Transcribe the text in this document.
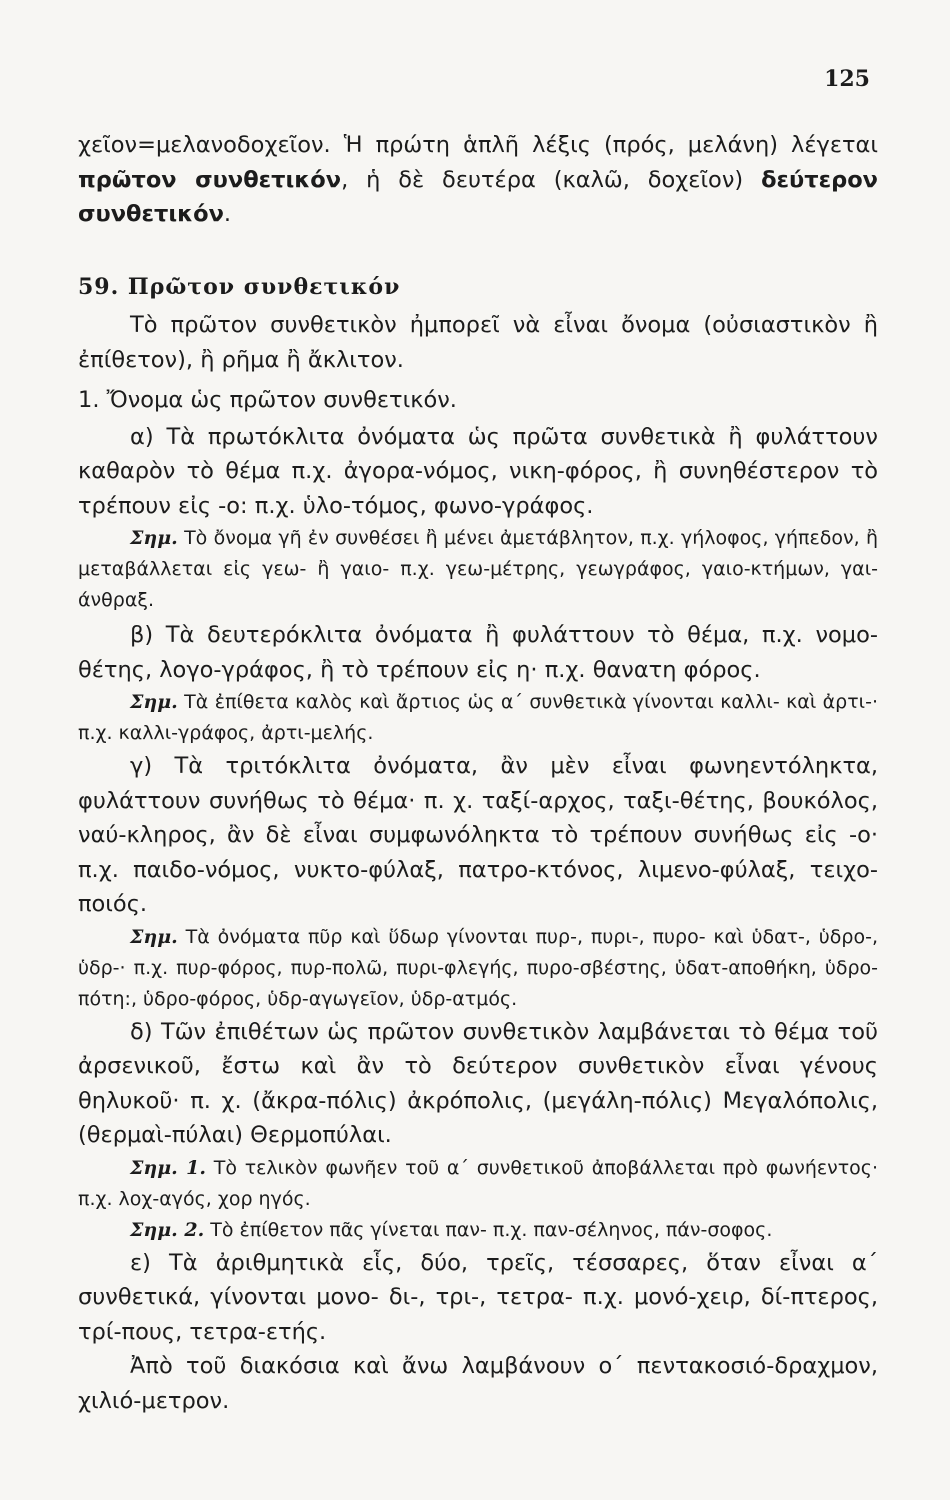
125

χεῖον=μελανοδοχεῖον. Ἡ πρώτη ἁπλῆ λέξις (πρός, μελάνη) λέγεται πρῶτον συνθετικόν, ἡ δὲ δευτέρα (καλῶ, δοχεῖον) δεύτερον συνθετικόν.

59. Πρῶτον συνθετικόν

Τὸ πρῶτον συνθετικὸν ἠμπορεῖ νὰ εἶναι ὄνομα (οὐσιαστικὸν ἢ ἐπίθετον), ἢ ρῆμα ἢ ἄκλιτον.

1. Ὄνομα ὡς πρῶτον συνθετικόν.

α) Τὰ πρωτόκλιτα ὀνόματα ὡς πρῶτα συνθετικὰ ἢ φυλάττουν καθαρὸν τὸ θέμα π.χ. ἀγορα-νόμος, νικη-φόρος, ἢ συνηθέστερον τὸ τρέπουν εἰς -ο: π.χ. ὑλο-τόμος, φωνο-γράφος.

Σημ. Τὸ ὄνομα γῆ ἐν συνθέσει ἢ μένει ἀμετάβλητον, π.χ. γήλοφος, γήπεδον, ἢ μεταβάλλεται εἰς γεω- ἢ γαιο- π.χ. γεω-μέτρης, γεωγράφος, γαιο-κτήμων, γαι-άνθραξ.

β) Τὰ δευτερόκλιτα ὀνόματα ἢ φυλάττουν τὸ θέμα, π.χ. νομο-θέτης, λογο-γράφος, ἢ τὸ τρέπουν εἰς η· π.χ. θανατη φόρος.

Σημ. Τὰ ἐπίθετα καλὸς καὶ ἄρτιος ὡς α΄ συνθετικὰ γίνονται καλλι- καὶ ἀρτι-· π.χ. καλλι-γράφος, ἀρτι-μελής.

γ) Τὰ τριτόκλιτα ὀνόματα, ἂν μὲν εἶναι φωνηεντόληκτα, φυλάττουν συνήθως τὸ θέμα· π. χ. ταξί-αρχος, ταξι-θέτης, βουκόλος, ναύ-κληρος, ἂν δὲ εἶναι συμφωνόληκτα τὸ τρέπουν συνήθως εἰς -ο· π.χ. παιδο-νόμος, νυκτο-φύλαξ, πατρο-κτόνος, λιμενο-φύλαξ, τειχο-ποιός.

Σημ. Τὰ ὀνόματα πῦρ καὶ ὕδωρ γίνονται πυρ-, πυρι-, πυρο- καὶ ὑδατ-, ὑδρο-, ὑδρ-· π.χ. πυρ-φόρος, πυρ-πολῶ, πυρι-φλεγής, πυρο-σβέστης, ὑδατ-αποθήκη, ὑδρο-πότη:, ὑδρο-φόρος, ὑδρ-αγωγεῖον, ὑδρ-ατμός.

δ) Τῶν ἐπιθέτων ὡς πρῶτον συνθετικὸν λαμβάνεται τὸ θέμα τοῦ ἀρσενικοῦ, ἔστω καὶ ἂν τὸ δεύτερον συνθετικὸν εἶναι γένους θηλυκοῦ· π. χ. (ἄκρα-πόλις) ἀκρόπολις, (μεγάλη-πόλις) Μεγαλόπολις, (θερμαὶ-πύλαι) Θερμοπύλαι.

Σημ. 1. Τὸ τελικὸν φωνῆεν τοῦ α΄ συνθετικοῦ ἀποβάλλεται πρὸ φωνήεντος· π.χ. λοχ-αγός, χορ ηγός.

Σημ. 2. Τὸ ἐπίθετον πᾶς γίνεται παν- π.χ. παν-σέληνος, πάν-σοφος.

ε) Τὰ ἀριθμητικὰ εἷς, δύο, τρεῖς, τέσσαρες, ὅταν εἶναι α΄ συνθετικά, γίνονται μονο- δι-, τρι-, τετρα- π.χ. μονό-χειρ, δί-πτερος, τρί-πους, τετρα-ετής.

Ἀπὸ τοῦ διακόσια καὶ ἄνω λαμβάνουν ο΄ πεντακοσιό-δραχμον, χιλιό-μετρον.
